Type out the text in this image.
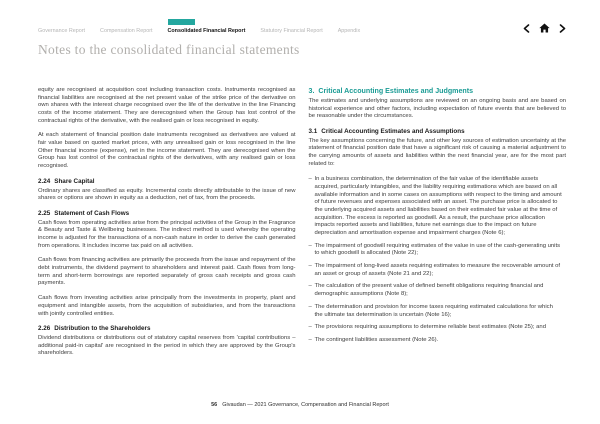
Governance Report	Compensation Report	Consolidated Financial Report	Statutory Financial Report	Appendix
Notes to the consolidated financial statements

equity are recognised at acquisition cost including transaction costs. Instruments recognised as financial liabilities are recognised at the net present value of the strike price of the derivative on own shares with the interest charge recognised over the life of the derivative in the line Financing costs of the income statement. They are derecognised when the Group has lost control of the contractual rights of the derivative, with the realised gain or loss recognised in equity.

At each statement of financial position date instruments recognised as derivatives are valued at fair value based on quoted market prices, with any unrealised gain or loss recognised in the line Other financial income (expense), net in the income statement. They are derecognised when the Group has lost control of the contractual rights of the derivatives, with any realised gain or loss recognised.

2.24 Share Capital

Ordinary shares are classified as equity. Incremental costs directly attributable to the issue of new shares or options are shown in equity as a deduction, net of tax, from the proceeds.

2.25 Statement of Cash Flows

Cash flows from operating activities arise from the principal activities of the Group in the Fragrance & Beauty and Taste & Wellbeing businesses. The indirect method is used whereby the operating income is adjusted for the transactions of a non-cash nature in order to derive the cash generated from operations. It includes income tax paid on all activities.

Cash flows from financing activities are primarily the proceeds from the issue and repayment of the debt instruments, the dividend payment to shareholders and interest paid. Cash flows from long-term and short-term borrowings are reported separately of gross cash receipts and gross cash payments.

Cash flows from investing activities arise principally from the investments in property, plant and equipment and intangible assets, from the acquisition of subsidiaries, and from the transactions with jointly controlled entities.

2.26 Distribution to the Shareholders

Dividend distributions or distributions out of statutory capital reserves from 'capital contributions – additional paid-in capital' are recognised in the period in which they are approved by the Group's shareholders.

3. Critical Accounting Estimates and Judgments

The estimates and underlying assumptions are reviewed on an ongoing basis and are based on historical experience and other factors, including expectation of future events that are believed to be reasonable under the circumstances.

3.1 Critical Accounting Estimates and Assumptions

The key assumptions concerning the future, and other key sources of estimation uncertainty at the statement of financial position date that have a significant risk of causing a material adjustment to the carrying amounts of assets and liabilities within the next financial year, are for the most part related to:

– In a business combination, the determination of the fair value of the identifiable assets acquired, particularly intangibles, and the liability requiring estimations which are based on all available information and in some cases on assumptions with respect to the timing and amount of future revenues and expenses associated with an asset. The purchase price is allocated to the underlying acquired assets and liabilities based on their estimated fair value at the time of acquisition. The excess is reported as goodwill. As a result, the purchase price allocation impacts reported assets and liabilities, future net earnings due to the impact on future depreciation and amortisation expense and impairment charges (Note 6);
– The impairment of goodwill requiring estimates of the value in use of the cash-generating units to which goodwill is allocated (Note 22);
– The impairment of long-lived assets requiring estimates to measure the recoverable amount of an asset or group of assets (Note 21 and 22);
– The calculation of the present value of defined benefit obligations requiring financial and demographic assumptions (Note 8);
– The determination and provision for income taxes requiring estimated calculations for which the ultimate tax determination is uncertain (Note 16);
– The provisions requiring assumptions to determine reliable best estimates (Note 25); and
– The contingent liabilities assessment (Note 26).
56 Givaudan — 2021 Governance, Compensation and Financial Report
